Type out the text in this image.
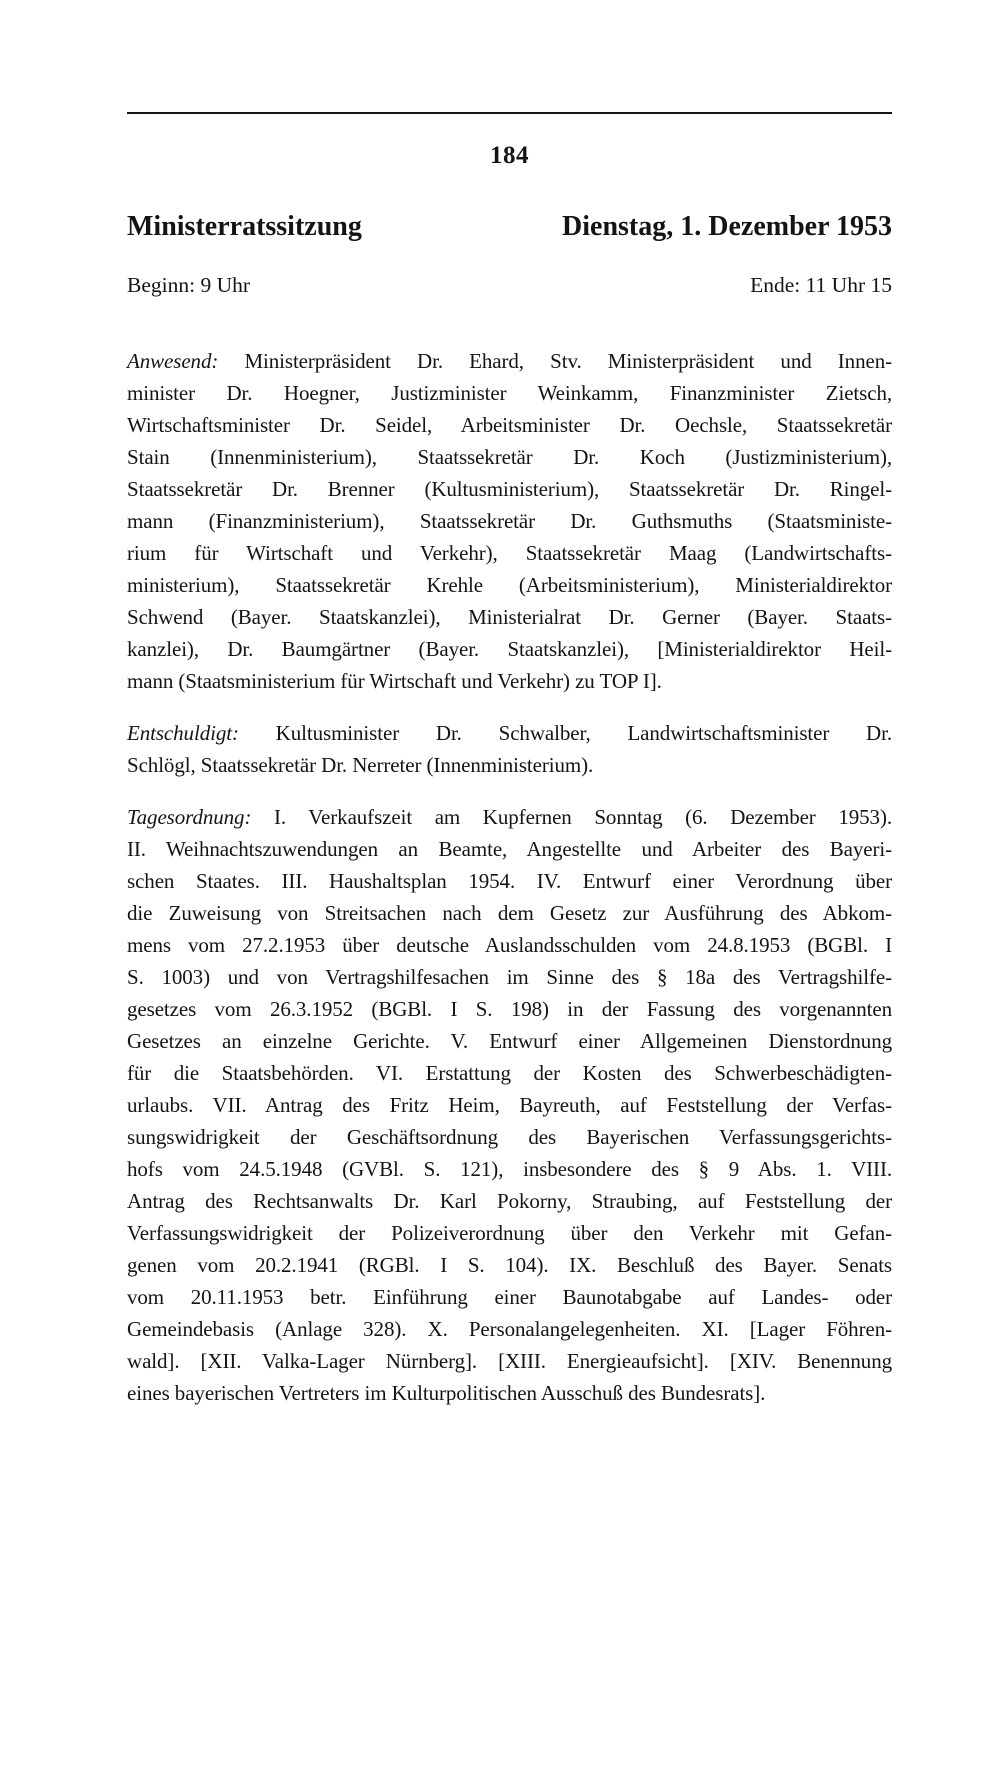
184
Ministerratssitzung	Dienstag, 1. Dezember 1953
Beginn: 9 Uhr	Ende: 11 Uhr 15
Anwesend: Ministerpräsident Dr. Ehard, Stv. Ministerpräsident und Innen-
minister Dr. Hoegner, Justizminister Weinkamm, Finanzminister Zietsch,
Wirtschaftsminister Dr. Seidel, Arbeitsminister Dr. Oechsle, Staatssekretär
Stain (Innenministerium), Staatssekretär Dr. Koch (Justizministerium),
Staatssekretär Dr. Brenner (Kultusministerium), Staatssekretär Dr. Ringel-
mann (Finanzministerium), Staatssekretär Dr. Guthsmuths (Staatsministe-
rium für Wirtschaft und Verkehr), Staatssekretär Maag (Landwirtschafts-
ministerium), Staatssekretär Krehle (Arbeitsministerium), Ministerialdirektor
Schwend (Bayer. Staatskanzlei), Ministerialrat Dr. Gerner (Bayer. Staats-
kanzlei), Dr. Baumgärtner (Bayer. Staatskanzlei), [Ministerialdirektor Heil-
mann (Staatsministerium für Wirtschaft und Verkehr) zu TOP I].
Entschuldigt: Kultusminister Dr. Schwalber, Landwirtschaftsminister Dr.
Schlögl, Staatssekretär Dr. Nerreter (Innenministerium).
Tagesordnung: I. Verkaufszeit am Kupfernen Sonntag (6. Dezember 1953).
II. Weihnachtszuwendungen an Beamte, Angestellte und Arbeiter des Bayeri-
schen Staates. III. Haushaltsplan 1954. IV. Entwurf einer Verordnung über
die Zuweisung von Streitsachen nach dem Gesetz zur Ausführung des Abkom-
mens vom 27.2.1953 über deutsche Auslandsschulden vom 24.8.1953 (BGBl. I
S. 1003) und von Vertragshilfesachen im Sinne des § 18a des Vertragshilfe-
gesetzes vom 26.3.1952 (BGBl. I S. 198) in der Fassung des vorgenannten
Gesetzes an einzelne Gerichte. V. Entwurf einer Allgemeinen Dienstordnung
für die Staatsbehörden. VI. Erstattung der Kosten des Schwerbeschädigten-
urlaubs. VII. Antrag des Fritz Heim, Bayreuth, auf Feststellung der Verfas-
sungswidrigkeit der Geschäftsordnung des Bayerischen Verfassungsgerichts-
hofs vom 24.5.1948 (GVBl. S. 121), insbesondere des § 9 Abs. 1. VIII.
Antrag des Rechtsanwalts Dr. Karl Pokorny, Straubing, auf Feststellung der
Verfassungswidrigkeit der Polizeiverordnung über den Verkehr mit Gefan-
genen vom 20.2.1941 (RGBl. I S. 104). IX. Beschluß des Bayer. Senats
vom 20.11.1953 betr. Einführung einer Baunotabgabe auf Landes- oder
Gemeindebasis (Anlage 328). X. Personalangelegenheiten. XI. [Lager Föhren-
wald]. [XII. Valka-Lager Nürnberg]. [XIII. Energieaufsicht]. [XIV. Benennung
eines bayerischen Vertreters im Kulturpolitischen Ausschuß des Bundesrats].
